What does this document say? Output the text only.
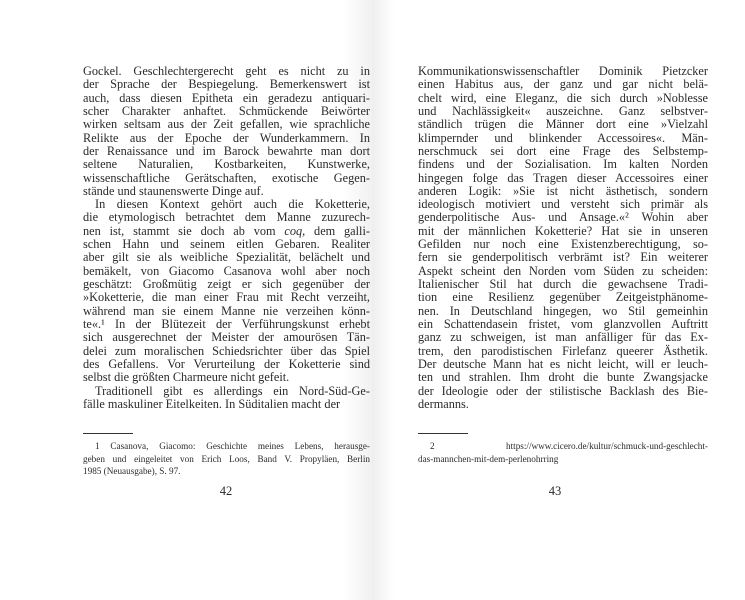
Gockel. Geschlechtergerecht geht es nicht zu in
der Sprache der Bespiegelung. Bemerkenswert ist
auch, dass diesen Epitheta ein geradezu antiquari-
scher Charakter anhaftet. Schmückende Beiwörter
wirken seltsam aus der Zeit gefallen, wie sprachliche
Relikte aus der Epoche der Wunderkammern. In
der Renaissance und im Barock bewahrte man dort
seltene Naturalien, Kostbarkeiten, Kunstwerke,
wissenschaftliche Gerätschaften, exotische Gegen-
stände und staunenswerte Dinge auf.
In diesen Kontext gehört auch die Koketterie,
die etymologisch betrachtet dem Manne zuzurech-
nen ist, stammt sie doch ab vom coq, dem galli-
schen Hahn und seinem eitlen Gebaren. Realiter
aber gilt sie als weibliche Spezialität, belächelt und
bemäkelt, von Giacomo Casanova wohl aber noch
geschätzt: Großmütig zeigt er sich gegenüber der
»Koketterie, die man einer Frau mit Recht verzeiht,
während man sie einem Manne nie verzeihen könn-
te«.¹ In der Blütezeit der Verführungskunst erhebt
sich ausgerechnet der Meister der amourösen Tän-
delei zum moralischen Schiedsrichter über das Spiel
des Gefallens. Vor Verurteilung der Koketterie sind
selbst die größten Charmeure nicht gefeit.
Traditionell gibt es allerdings ein Nord-Süd-Ge-
fälle maskuliner Eitelkeiten. In Süditalien macht der
1 Casanova, Giacomo: Geschichte meines Lebens, herausge-
geben und eingeleitet von Erich Loos, Band V. Propyläen, Berlin
1985 (Neuausgabe), S. 97.
42
Kommunikationswissenschaftler Dominik Pietzcker
einen Habitus aus, der ganz und gar nicht belä-
chelt wird, eine Eleganz, die sich durch »Noblesse
und Nachlässigkeit« auszeichne. Ganz selbstver-
ständlich trügen die Männer dort eine »Vielzahl
klimpernder und blinkender Accessoires«. Män-
nerschmuck sei dort eine Frage des Selbstemp-
findens und der Sozialisation. Im kalten Norden
hingegen folge das Tragen dieser Accessoires einer
anderen Logik: »Sie ist nicht ästhetisch, sondern
ideologisch motiviert und versteht sich primär als
genderpolitische Aus- und Ansage.«² Wohin aber
mit der männlichen Koketterie? Hat sie in unseren
Gefilden nur noch eine Existenzberechtigung, so-
fern sie genderpolitisch verbrämt ist? Ein weiterer
Aspekt scheint den Norden vom Süden zu scheiden:
Italienischer Stil hat durch die gewachsene Tradi-
tion eine Resilienz gegenüber Zeitgeistphänome-
nen. In Deutschland hingegen, wo Stil gemeinhin
ein Schattendasein fristet, vom glanzvollen Auftritt
ganz zu schweigen, ist man anfälliger für das Ex-
trem, den parodistischen Firlefanz queerer Ästhetik.
Der deutsche Mann hat es nicht leicht, will er leuch-
ten und strahlen. Ihm droht die bunte Zwangsjacke
der Ideologie oder der stilistische Backlash des Bie-
dermanns.
2 https://www.cicero.de/kultur/schmuck-und-geschlecht-
das-mannchen-mit-dem-perlenohrring
43
